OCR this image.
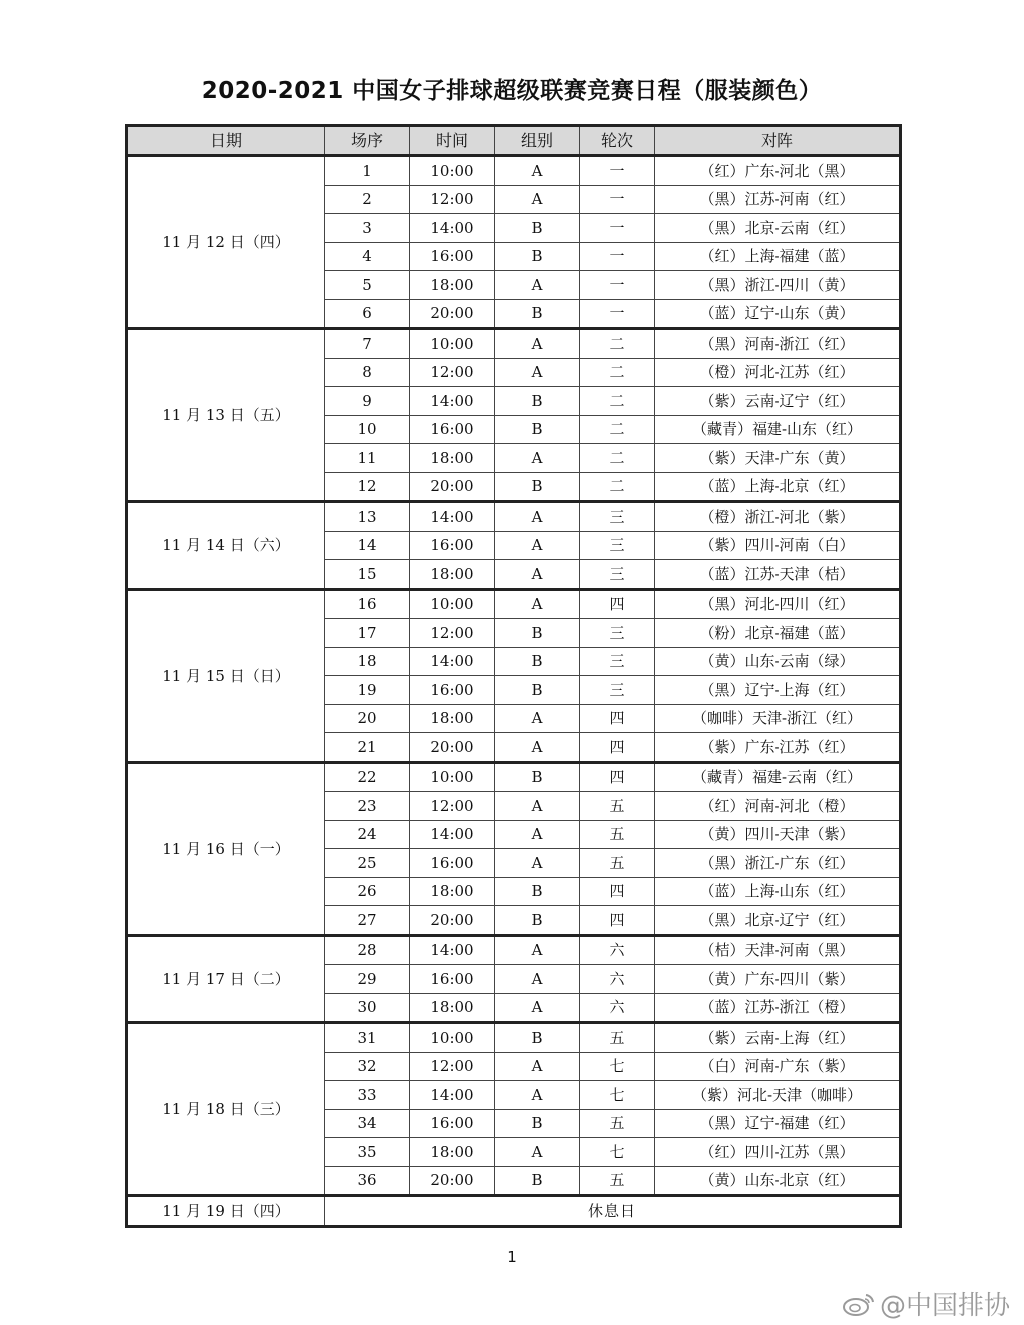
2020-2021 中国女子排球超级联赛竞赛日程（服装颜色）
日期	场序	时间	组别	轮次	对阵
11 月 12 日（四）	1	10:00	A	一	（红）广东-河北（黑）
	2	12:00	A	一	（黑）江苏-河南（红）
	3	14:00	B	一	（黑）北京-云南（红）
	4	16:00	B	一	（红）上海-福建（蓝）
	5	18:00	A	一	（黑）浙江-四川（黄）
	6	20:00	B	一	（蓝）辽宁-山东（黄）
11 月 13 日（五）	7	10:00	A	二	（黑）河南-浙江（红）
	8	12:00	A	二	（橙）河北-江苏（红）
	9	14:00	B	二	（紫）云南-辽宁（红）
	10	16:00	B	二	（藏青）福建-山东（红）
	11	18:00	A	二	（紫）天津-广东（黄）
	12	20:00	B	二	（蓝）上海-北京（红）
11 月 14 日（六）	13	14:00	A	三	（橙）浙江-河北（紫）
	14	16:00	A	三	（紫）四川-河南（白）
	15	18:00	A	三	（蓝）江苏-天津（桔）
11 月 15 日（日）	16	10:00	A	四	（黑）河北-四川（红）
	17	12:00	B	三	（粉）北京-福建（蓝）
	18	14:00	B	三	（黄）山东-云南（绿）
	19	16:00	B	三	（黑）辽宁-上海（红）
	20	18:00	A	四	（咖啡）天津-浙江（红）
	21	20:00	A	四	（紫）广东-江苏（红）
11 月 16 日（一）	22	10:00	B	四	（藏青）福建-云南（红）
	23	12:00	A	五	（红）河南-河北（橙）
	24	14:00	A	五	（黄）四川-天津（紫）
	25	16:00	A	五	（黑）浙江-广东（红）
	26	18:00	B	四	（蓝）上海-山东（红）
	27	20:00	B	四	（黑）北京-辽宁（红）
11 月 17 日（二）	28	14:00	A	六	（桔）天津-河南（黑）
	29	16:00	A	六	（黄）广东-四川（紫）
	30	18:00	A	六	（蓝）江苏-浙江（橙）
11 月 18 日（三）	31	10:00	B	五	（紫）云南-上海（红）
	32	12:00	A	七	（白）河南-广东（紫）
	33	14:00	A	七	（紫）河北-天津（咖啡）
	34	16:00	B	五	（黑）辽宁-福建（红）
	35	18:00	A	七	（红）四川-江苏（黑）
	36	20:00	B	五	（黄）山东-北京（红）
11 月 19 日（四）	休息日				
1
@中国排协
